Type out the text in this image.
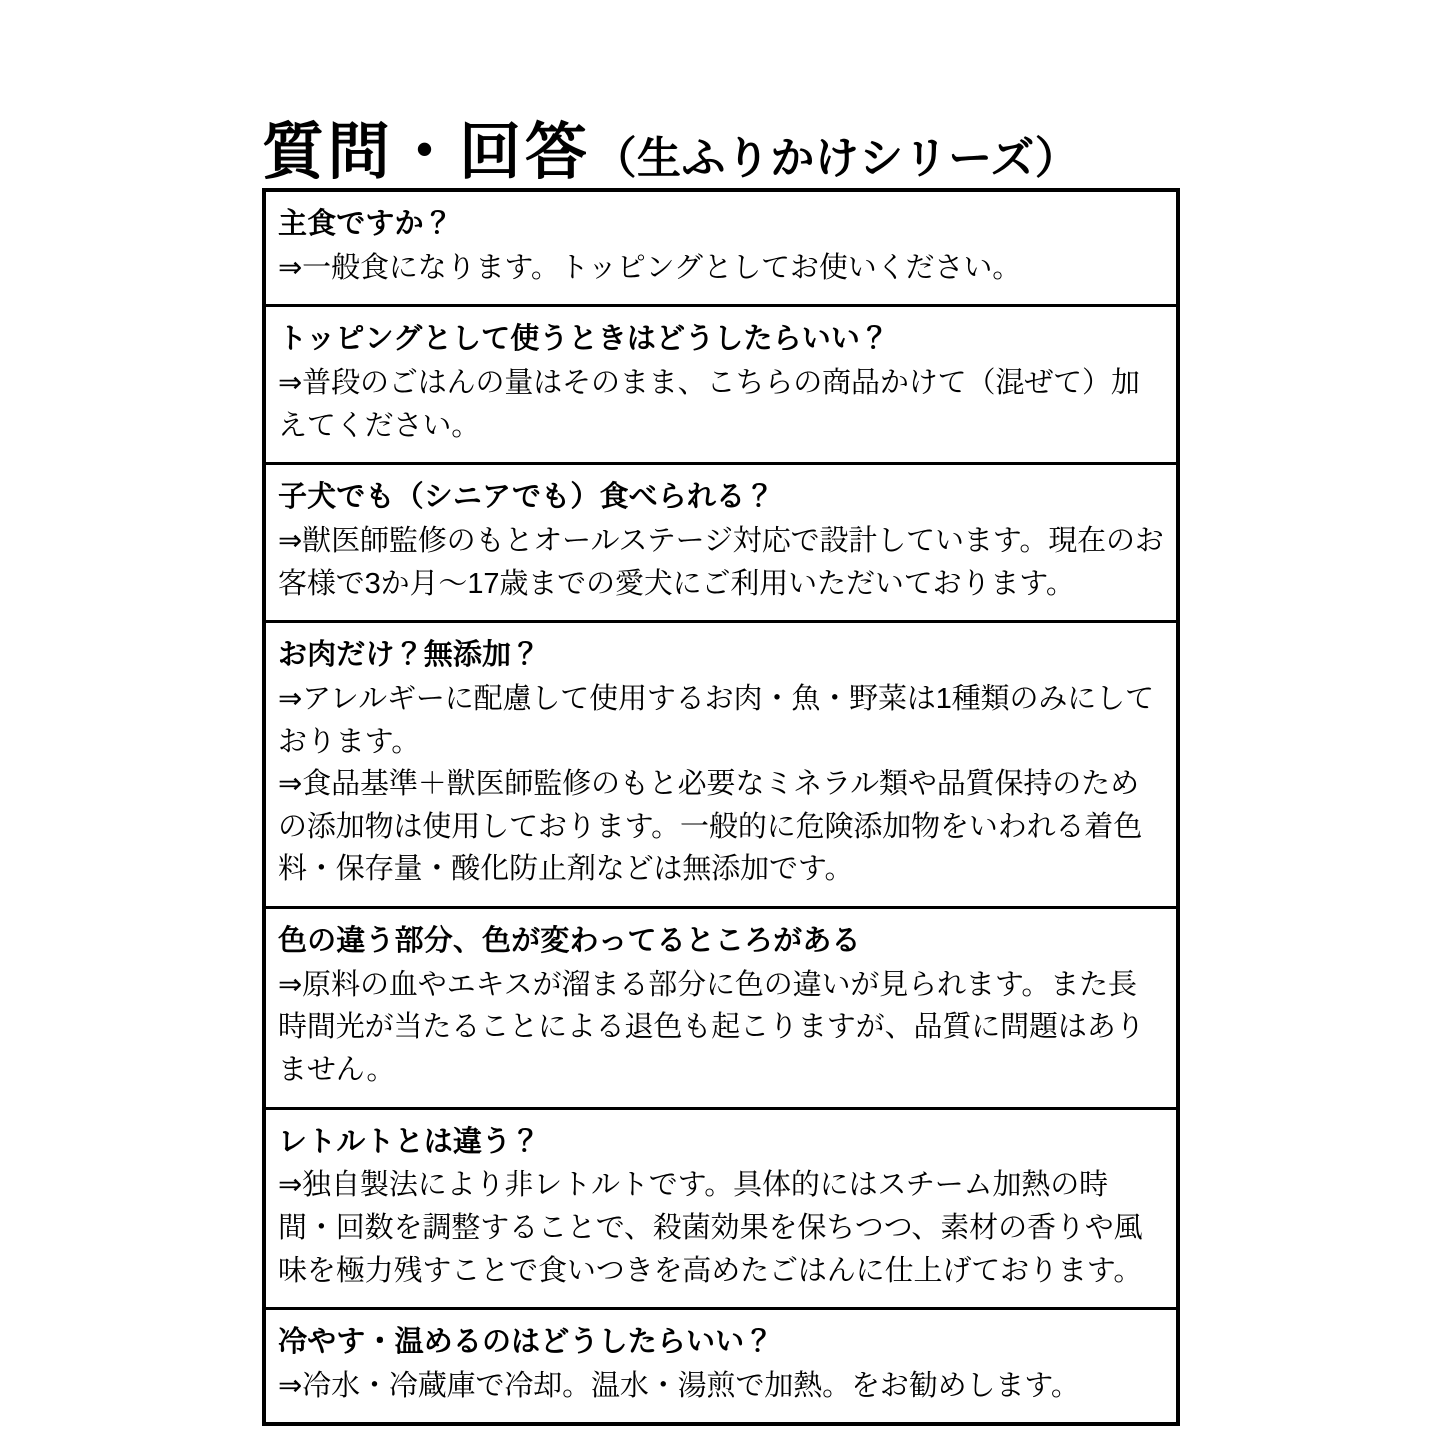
質問・回答（生ふりかけシリーズ）

主食ですか？

⇒一般食になります。トッピングとしてお使いください。

トッピングとして使うときはどうしたらいい？

⇒普段のごはんの量はそのまま、こちらの商品かけて（混ぜて）加えてください。

子犬でも（シニアでも）食べられる？

⇒獣医師監修のもとオールステージ対応で設計しています。現在のお客様で3か月～17歳までの愛犬にご利用いただいております。

お肉だけ？無添加？

⇒アレルギーに配慮して使用するお肉・魚・野菜は1種類のみにしております。

⇒食品基準＋獣医師監修のもと必要なミネラル類や品質保持のための添加物は使用しております。一般的に危険添加物をいわれる着色料・保存量・酸化防止剤などは無添加です。

色の違う部分、色が変わってるところがある

⇒原料の血やエキスが溜まる部分に色の違いが見られます。また長時間光が当たることによる退色も起こりますが、品質に問題はありません。

レトルトとは違う？

⇒独自製法により非レトルトです。具体的にはスチーム加熱の時間・回数を調整することで、殺菌効果を保ちつつ、素材の香りや風味を極力残すことで食いつきを高めたごはんに仕上げております。

冷やす・温めるのはどうしたらいい？

⇒冷水・冷蔵庫で冷却。温水・湯煎で加熱。をお勧めします。
